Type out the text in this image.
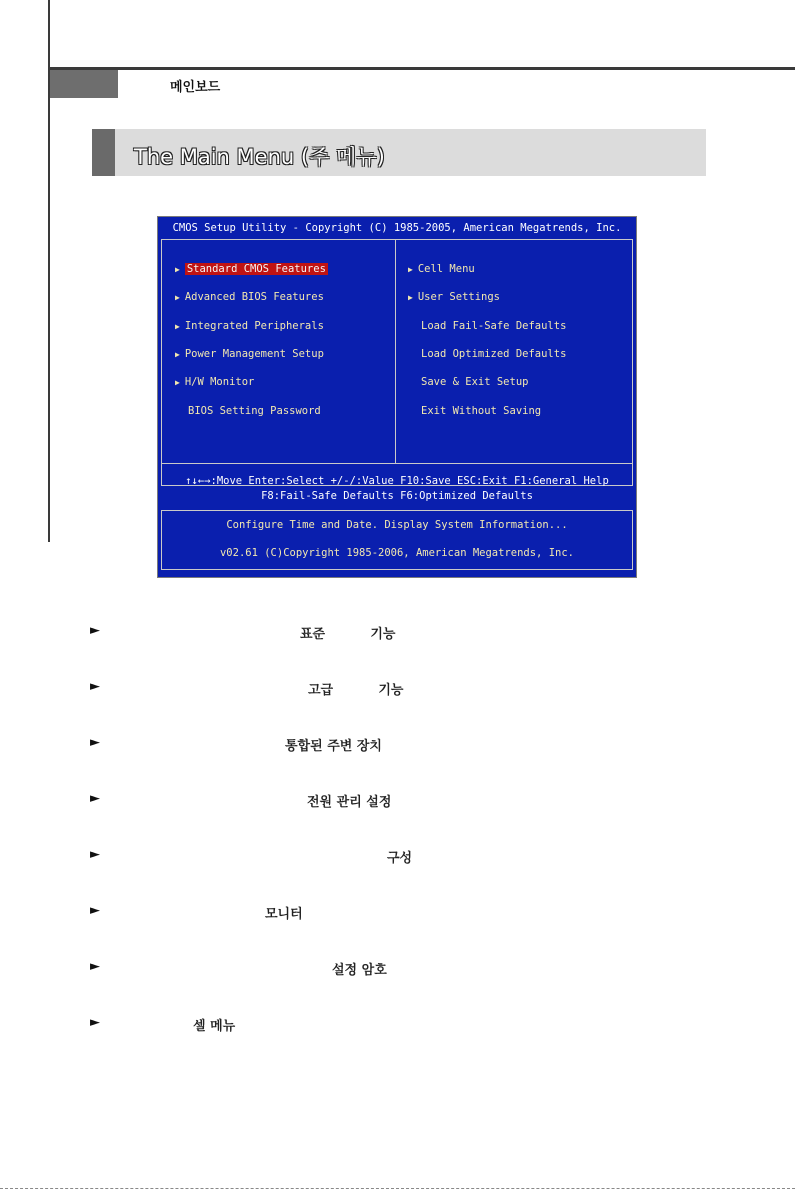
메인보드
The Main Menu (주 메뉴)
CMOS Setup Utility - Copyright (C) 1985-2005, American Megatrends, Inc.
↑↓←→:Move Enter:Select +/-/:Value F10:Save ESC:Exit F1:General Help
F8:Fail-Safe Defaults F6:Optimized Defaults
Configure Time and Date. Display System Information...
v02.61 (C)Copyright 1985-2006, American Megatrends, Inc.
▶ Standard CMOS Features
▶ Advanced BIOS Features
▶ Integrated Peripherals
▶ Power Management Setup
▶ H/W Monitor
BIOS Setting Password
▶ Cell Menu
▶ User Settings
Load Fail-Safe Defaults
Load Optimized Defaults
Save & Exit Setup
Exit Without Saving
►	표준          기능
►	고급          기능
►	통합된 주변 장치
►	전원 관리 설정
►	구성
►	모니터
►	설정 암호
►	셀 메뉴
